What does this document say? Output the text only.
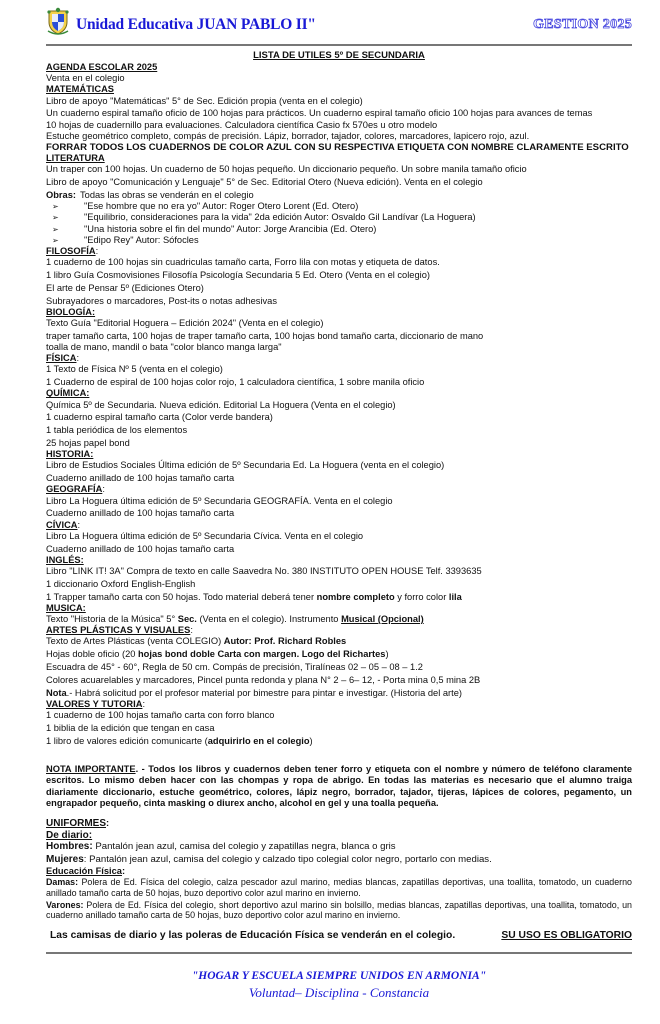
Unidad Educativa JUAN PABLO II"	GESTION 2025
LISTA DE UTILES 5º DE SECUNDARIA
AGENDA ESCOLAR 2025
Venta en el colegio
MATEMÁTICAS
Libro de apoyo "Matemáticas" 5° de Sec. Edición propia (venta en el colegio)
Un cuaderno espiral tamaño oficio de 100 hojas para prácticos. Un cuaderno espiral tamaño oficio 100 hojas para avances de temas
10 hojas de cuadernillo para evaluaciones. Calculadora científica Casio fx 570es u otro modelo
Estuche geométrico completo, compás de precisión. Lápiz, borrador, tajador, colores, marcadores, lapicero rojo, azul.
FORRAR TODOS LOS CUADERNOS DE COLOR AZUL CON SU RESPECTIVA ETIQUETA CON NOMBRE CLARAMENTE ESCRITO
LITERATURA
Un traper con 100 hojas. Un cuaderno de 50 hojas pequeño. Un diccionario pequeño. Un sobre manila tamaño oficio
Libro de apoyo "Comunicación y Lenguaje" 5° de Sec. Editorial Otero (Nueva edición). Venta en el colegio
Obras: Todas las obras se venderán en el colegio
➢	"Ese hombre que no era yo" Autor: Roger Otero Lorent (Ed. Otero)
➢	"Equilibrio, consideraciones para la vida" 2da edición Autor: Osvaldo Gil Landívar (La Hoguera)
➢	"Una historia sobre el fin del mundo" Autor: Jorge Arancibia (Ed. Otero)
➢	"Edipo Rey" Autor: Sófocles
FILOSOFÍA:
1 cuaderno de 100 hojas sin cuadriculas tamaño carta, Forro lila con motas y etiqueta de datos.
1 libro Guía Cosmovisiones Filosofía Psicología Secundaria 5 Ed. Otero (Venta en el colegio)
El arte de Pensar 5º (Ediciones Otero)
Subrayadores o marcadores, Post-its o notas adhesivas
BIOLOGÍA:
Texto Guía "Editorial Hoguera – Edición 2024" (Venta en el colegio)
traper tamaño carta, 100 hojas de traper tamaño carta, 100 hojas bond tamaño carta, diccionario de mano
toalla de mano, mandil o bata "color blanco manga larga"
FÍSICA:
1 Texto de Física Nº 5 (venta en el colegio)
1 Cuaderno de espiral de 100 hojas color rojo, 1 calculadora científica, 1 sobre manila oficio
QUÍMICA:
Química 5º de Secundaria. Nueva edición. Editorial La Hoguera (Venta en el colegio)
1 cuaderno espiral tamaño carta (Color verde bandera)
1 tabla periódica de los elementos
25 hojas papel bond
HISTORIA:
Libro de Estudios Sociales Última edición de 5º Secundaria Ed. La Hoguera (venta en el colegio)
Cuaderno anillado de 100 hojas tamaño carta
GEOGRAFÍA:
Libro La Hoguera última edición de 5º Secundaria GEOGRAFÍA. Venta en el colegio
Cuaderno anillado de 100 hojas tamaño carta
CÍVICA:
Libro La Hoguera última edición de 5º Secundaria Cívica. Venta en el colegio
Cuaderno anillado de 100 hojas tamaño carta
INGLÉS:
Libro "LINK IT! 3A" Compra de texto en calle Saavedra No. 380 INSTITUTO OPEN HOUSE Telf. 3393635
1 diccionario Oxford English-English
1 Trapper tamaño carta con 50 hojas. Todo material deberá tener nombre completo y forro color lila
MUSICA:
Texto "Historia de la Música" 5° Sec. (Venta en el colegio). Instrumento Musical (Opcional)
ARTES PLÁSTICAS Y VISUALES:
Texto de Artes Plásticas (venta COLEGIO) Autor: Prof. Richard Robles
Hojas doble oficio (20 hojas bond doble Carta con margen. Logo del Richartes)
Escuadra de 45° - 60°, Regla de 50 cm. Compás de precisión, Tiralíneas 02 – 05 – 08 – 1.2
Colores acuarelables y marcadores, Pincel punta redonda y plana N° 2 – 6– 12, - Porta mina 0,5 mina 2B
Nota.- Habrá solicitud por el profesor material por bimestre para pintar e investigar. (Historia del arte)
VALORES Y TUTORIA:
1 cuaderno de 100 hojas tamaño carta con forro blanco
1 biblia de la edición que tengan en casa
1 libro de valores edición comunicarte (adquirirlo en el colegio)
NOTA IMPORTANTE. - Todos los libros y cuadernos deben tener forro y etiqueta con el nombre y número de teléfono claramente escritos. Lo mismo deben hacer con las chompas y ropa de abrigo. En todas las materias es necesario que el alumno traiga diariamente diccionario, estuche geométrico, colores, lápiz negro, borrador, tajador, tijeras, lápices de colores, pegamento, un engrapador pequeño, cinta masking o diurex ancho, alcohol en gel y una toalla pequeña.
UNIFORMES:
De diario:
Hombres: Pantalón jean azul, camisa del colegio y zapatillas negra, blanca o gris
Mujeres: Pantalón jean azul, camisa del colegio y calzado tipo colegial color negro, portarlo con medias.
Educación Física:
Damas: Polera de Ed. Física del colegio, calza pescador azul marino, medias blancas, zapatillas deportivas, una toallita, tomatodo, un cuaderno anillado tamaño carta de 50 hojas, buzo deportivo color azul marino en invierno.
Varones: Polera de Ed. Física del colegio, short deportivo azul marino sin bolsillo, medias blancas, zapatillas deportivas, una toallita, tomatodo, un cuaderno anillado tamaño carta de 50 hojas, buzo deportivo color azul marino en invierno.
Las camisas de diario y las poleras de Educación Física se venderán en el colegio.	SU USO ES OBLIGATORIO
"HOGAR Y ESCUELA SIEMPRE UNIDOS EN ARMONIA"
Voluntad– Disciplina - Constancia
